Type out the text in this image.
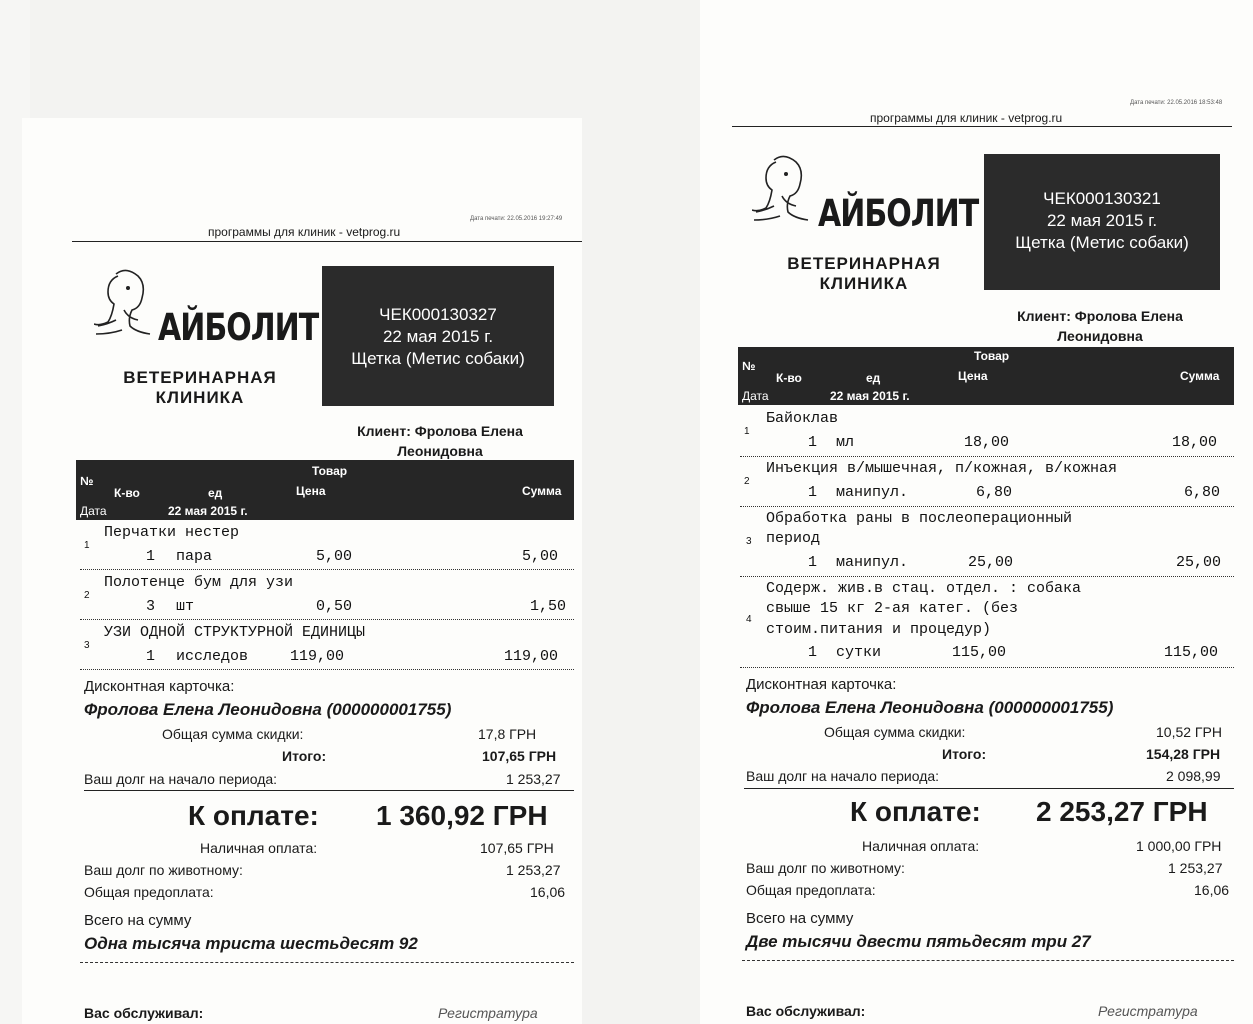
Дата печати: 22.05.2016 19:27:49
программы для клиник - vetprog.ru
АЙБОЛИТ
ВЕТЕРИНАРНАЯ
КЛИНИКА
ЧЕК000130327
22 мая 2015 г.
Щетка (Метис собаки)
Клиент: Фролова Елена
Леонидовна
№
Товар
К-во	ед	Цена	Сумма
Дата	22 мая 2015 г.
1
Перчатки нестер
1 пара	5,00	5,00
2
Полотенце бум для узи
3 шт	0,50	1,50
3
УЗИ ОДНОЙ СТРУКТУРНОЙ ЕДИНИЦЫ
1 исследов	119,00	119,00
Дисконтная карточка:
Фролова Елена Леонидовна (000000001755)
Общая сумма скидки:	17,8 ГРН
Итого:	107,65 ГРН
Ваш долг на начало периода:	1 253,27
К оплате: 1 360,92 ГРН
Наличная оплата:	107,65 ГРН
Ваш долг по животному:	1 253,27
Общая предоплата:	16,06
Всего на сумму
Одна тысяча триста шестьдесят 92
Вас обслуживал:	Регистратура
Дата печати: 22.05.2016 18:53:48
программы для клиник - vetprog.ru
АЙБОЛИТ
ВЕТЕРИНАРНАЯ
КЛИНИКА
ЧЕК000130321
22 мая 2015 г.
Щетка (Метис собаки)
Клиент: Фролова Елена
Леонидовна
№
Товар
К-во	ед	Цена	Сумма
Дата	22 мая 2015 г.
1
Байоклав
1 мл	18,00	18,00
2
Инъекция в/мышечная, п/кожная, в/кожная
1 манипул.	6,80	6,80
3
Обработка раны в послеоперационный
период
1 манипул.	25,00	25,00
4
Содерж. жив.в стац. отдел. : собака
свыше 15 кг 2-ая катег. (без
стоим.питания и процедур)
1 сутки	115,00	115,00
Дисконтная карточка:
Фролова Елена Леонидовна (000000001755)
Общая сумма скидки:	10,52 ГРН
Итого:	154,28 ГРН
Ваш долг на начало периода:	2 098,99
К оплате: 2 253,27 ГРН
Наличная оплата:	1 000,00 ГРН
Ваш долг по животному:	1 253,27
Общая предоплата:	16,06
Всего на сумму
Две тысячи двести пятьдесят три 27
Вас обслуживал:	Регистратура
